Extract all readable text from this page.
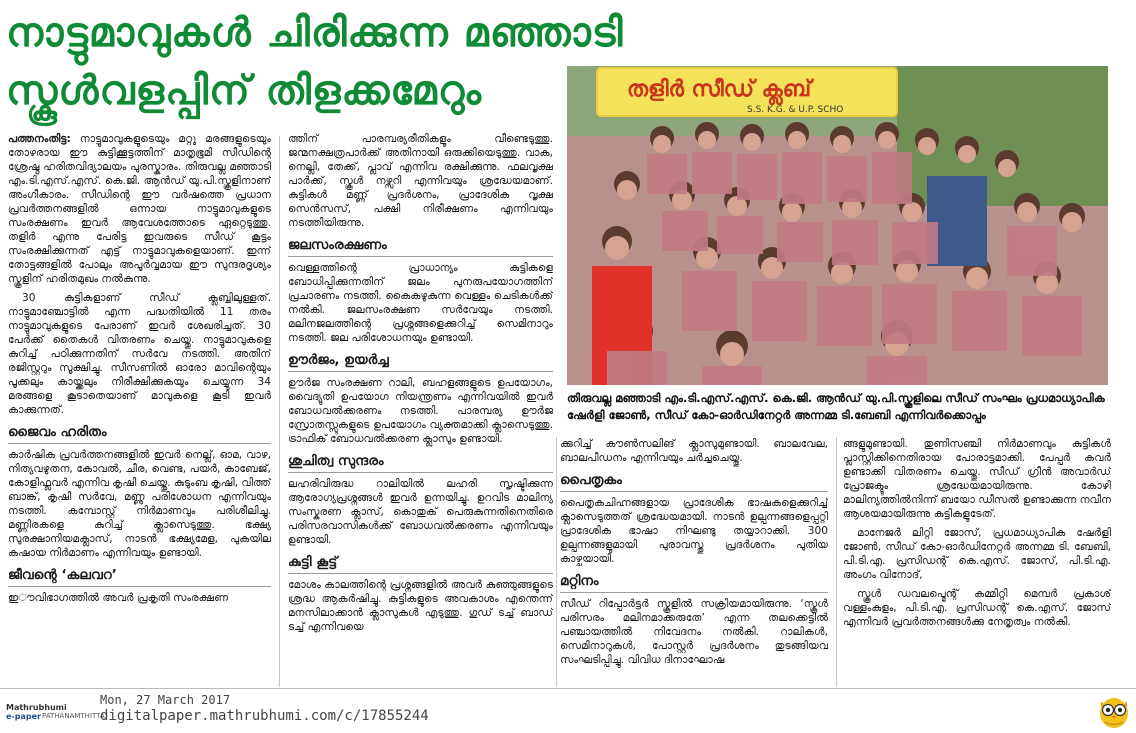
നാട്ടുമാവുകൾ ചിരിക്കുന്ന മഞ്ഞാടി
സ്കൂൾവളപ്പിന് തിളക്കമേറും	തളിർ സീഡ് ക്ലബ്
S.S. K.G. & U.P. SCHO
തിരുവല്ല മഞ്ഞാടി എം.ടി.എസ്.എസ്. കെ.ജി. ആൻഡ് യു.പി.സ്കൂളിലെ സീഡ് സംഘം പ്രധമാധ്യാപിക ഷേർളി ജോൺ, സീഡ് കോ-ഓർഡിനേറ്റർ അന്നമ്മ ടി.ബേബി എന്നിവർക്കൊപ്പം

പത്തനംതിട്ട: നാട്ടുമാവുകളുടെയും മറ്റു മരങ്ങളുടെയും തോഴരായ ഈ കുട്ടിക്കൂട്ടത്തിന് മാതൃഭൂമി സീഡിന്റെ ശ്രേഷ്ഠ ഹരിതവിദ്യാലയം പുരസ്കാരം. തിരുവല്ല മഞ്ഞാടി എം.ടി.എസ്.എസ്. കെ.ജി. ആൻഡ് യു.പി.സ്കൂളിനാണ് അംഗീകാരം. സീഡിന്റെ ഈ വർഷത്തെ പ്രധാന പ്രവർത്തനങ്ങളിൽ ഒന്നായ നാട്ടുമാവുകളുടെ സംരക്ഷണം ഇവർ ആവേശത്തോടെ ഏറ്റെടുത്തു. തളിർ എന്നു പേരിട്ട ഇവരുടെ സീഡ് കൂട്ടം സംരക്ഷിക്കുന്നത് എട്ട് നാട്ടുമാവുകളെയാണ്. ഇന്ന് തോട്ടങ്ങളിൽ പോലും അപൂർവ്വമായ ഈ സുന്ദരദൃശ്യം സ്കൂളിന് ഹരിതമുഖം നൽകുന്നു.

30 കുട്ടികളാണ് സീഡ് ക്ലബ്ബിലുള്ളത്. നാട്ടുമാഞ്ചോട്ടിൽ എന്ന പദ്ധതിയിൽ 11 തരം നാട്ടുമാവുകളുടെ പേരാണ് ഇവർ ശേഖരിച്ചത്. 30 പേർക്ക് തൈകൾ വിതരണം ചെയ്തു. നാട്ടുമാവുകളെ കുറിച്ച് പഠിക്കുന്നതിന് സർവേ നടത്തി. അതിന് രജിസ്റ്ററും സൂക്ഷിച്ചു. സീസണിൽ ഓരോ മാവിന്റെയും പൂക്കലും കായ്ക്കലും നിരീക്ഷിക്കുകയും ചെയ്യുന്ന 34 മരങ്ങളെ കൂടാതെയാണ് മാവുകളെ കൂടി ഇവർ കാക്കുന്നത്.

ജൈവം ഹരിതം

കാർഷിക പ്രവർത്തനങ്ങളിൽ ഇവർ നെല്ല്, ഓമ, വാഴ, നിത്യവഴുതന, കോവൽ, ചീര, വെണ്ട, പയർ, കാബേജ്, കോളിഫ്ലവർ എന്നിവ കൃഷി ചെയ്തു. കുടുംബ കൃഷി, വിത്ത് ബാങ്ക്, കൃഷി സർവേ, മണ്ണു പരിശോധന എന്നിവയും നടത്തി. കമ്പോസ്റ്റ് നിർമാണവും പരിശീലിച്ചു. മണ്ണിരകളെ കുറിച്ച് ക്ലാസെടുത്തു. ഭക്ഷ്യ സുരക്ഷാനിയമക്ലാസ്, നാടൻ ഭക്ഷ്യമേള, പുകയില കഷായ നിർമാണം എന്നിവയും ഉണ്ടായി.

ജീവന്റെ ‘കലവറ’

ഇൗവിഭാഗത്തിൽ അവർ പ്രകൃതി സംരക്ഷണ

ത്തിന് പാരമ്പര്യരീതികളും വീണ്ടെടുത്തു. ജന്മനക്ഷത്രപാർക്ക് അതിനായി ഒരുക്കിയെടുത്തു. വാക, നെല്ലി, തേക്ക്, പ്ലാവ് എന്നിവ രക്ഷിക്കുന്നു. ഫലവൃക്ഷ പാർക്ക്, സ്കൂൾ നഴ്സറി എന്നിവയും ശ്രദ്ധേയമാണ്. കുട്ടികൾ മണ്ണ് പ്രദർശനം, പ്രാദേശിക വൃക്ഷ സെൻസസ്, പക്ഷി നിരീക്ഷണം എന്നിവയും നടത്തിയിരുന്നു.

ജലസംരക്ഷണം

വെള്ളത്തിന്റെ പ്രാധാന്യം കുട്ടികളെ ബോധിപ്പിക്കുന്നതിന് ജലം പുനരുപയോഗത്തിന് പ്രചാരണം നടത്തി. കൈകഴുകുന്ന വെള്ളം ചെടികൾക്ക് നൽകി. ജലസംരക്ഷണ സർവേയും നടത്തി. മലിനജലത്തിന്റെ പ്രശ്നങ്ങളെക്കുറിച്ച് സെമിനാറും നടത്തി. ജല പരിശോധനയും ഉണ്ടായി.

ഊർജം, ഉയർച്ച

ഊർജ സംരക്ഷണ റാലി, ബഹളങ്ങളുടെ ഉപയോഗം, വൈദ്യുതി ഉപയോഗ നിയന്ത്രണം എന്നിവയിൽ ഇവർ ബോധവൽക്കരണം നടത്തി. പാരമ്പര്യ ഊർജ സ്രോതസ്സുകളുടെ ഉപയോഗം വ്യക്തമാക്കി ക്ലാസെടുത്തു. ട്രാഫിക് ബോധവൽക്കരണ ക്ലാസും ഉണ്ടായി.

ശുചിത്വ സുന്ദരം

ലഹരിവിരുദ്ധ റാലിയിൽ ലഹരി സൃഷ്ടിക്കുന്ന ആരോഗ്യപ്രശ്നങ്ങൾ ഇവർ ഉന്നയിച്ചു. ഉറവിട മാലിന്യ സംസ്കരണ ക്ലാസ്, കൊതുക് പെരുകുന്നതിനെതിരെ പരിസരവാസികൾക്ക് ബോധവൽക്കരണം എന്നിവയും ഉണ്ടായി.

കുട്ടി കൂട്ട്

മോശം കാലത്തിന്റെ പ്രശ്നങ്ങളിൽ അവർ കുഞ്ഞുങ്ങളുടെ ശ്രദ്ധ ആകർഷിച്ചു. കുട്ടികളുടെ അവകാശം എന്തെന്ന് മനസിലാക്കാൻ ക്ലാസുകൾ എടുത്തു. ഗുഡ് ടച്ച് ബാഡ് ടച്ച് എന്നിവയെ

ക്കുറിച്ച് കൗൺസലിങ് ക്ലാസുമുണ്ടായി. ബാലവേല, ബാലപീഡനം എന്നിവയും ചർച്ചചെയ്തു.

പൈതൃകം

പൈതൃകചിഹ്നങ്ങളായ പ്രാദേശിക ഭാഷകളെക്കുറിച്ച് ക്ലാസെടുത്തത് ശ്രദ്ധേയമായി. നാടൻ ഉല്പന്നങ്ങളെപ്പറ്റി പ്രാദേശിക ഭാഷാ നിഘണ്ടു തയ്യാറാക്കി. 300 ഉല്പന്നങ്ങളുമായി പുരാവസ്തു പ്രദർശനം പുതിയ കാഴ്ചയായി.

മറ്റിനം

സീഡ് റിപ്പോർട്ടർ സ്കൂളിൽ സക്രിയമായിരുന്നു. ‘സ്കൂൾ പരിസരം മലിനമാക്കരുതേ’ എന്ന തലക്കെട്ടിൽ പഞ്ചായത്തിൽ നിവേദനം നൽകി. റാലികൾ, സെമിനാറുകൾ, പോസ്റ്റർ പ്രദർശനം തുടങ്ങിയവ സംഘടിപ്പിച്ചു. വിവിധ ദിനാഘോഷ

ങ്ങളുമുണ്ടായി. തുണിസഞ്ചി നിർമാണവും കുട്ടികൾ പ്ലാസ്റ്റിക്കിനെതിരായ പോരാട്ടമാക്കി. പേപ്പർ കവർ ഉണ്ടാക്കി വിതരണം ചെയ്തു. സീഡ് ഗ്രീൻ അവാർഡ് പ്രോജക്ടും ശ്രദ്ധേയമായിരുന്നു. കോഴി മാലിന്യത്തിൽനിന്ന് ബയോ ഡീസൽ ഉണ്ടാക്കുന്ന നവീന ആശയമായിരുന്നു കുട്ടികളുടേത്.

മാനേജർ ലിറ്റി ജോസ്, പ്രധമാധ്യാപിക ഷേർളി ജോൺ, സീഡ് കോ-ഓർഡിനേറ്റർ അന്നമ്മ ടി. ബേബി, പി.ടി.എ. പ്രസിഡന്റ് കെ.എസ്. ജോസ്, പി.ടി.എ. അംഗം വിനോദ്,

സ്കൂൾ ഡവലപ്മെന്റ് കമ്മിറ്റി മെമ്പർ പ്രകാശ് വള്ളംകുളം, പി.ടി.എ. പ്രസിഡന്റ് കെ.എസ്. ജോസ് എന്നിവർ പ്രവർത്തനങ്ങൾക്കു നേതൃത്വം നൽകി.

Mathrubhumi
e-paper PATHANAMTHITTA
Mon, 27 March 2017
digitalpaper.mathrubhumi.com/c/17855244
